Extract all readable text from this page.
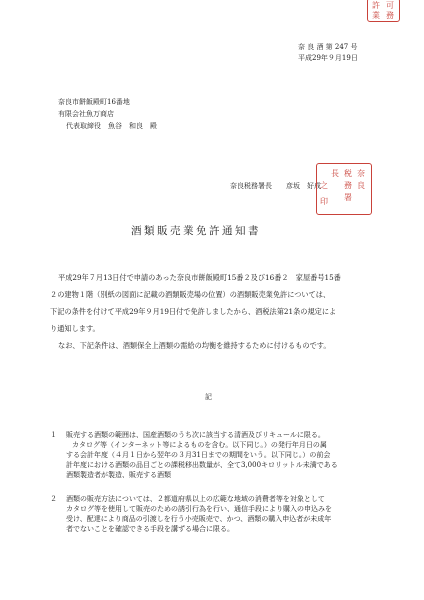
許 可
業 務
奈 良 酒 第 247 号
平成29年９月19日
奈良市餅飯殿町16番地
有限会社魚万商店
代表取締役　魚谷　和良　殿
奈良税務署長　　彦坂　好成
奈
良
税
務
署
長
之
印
酒類販売業免許通知書
平成29年７月13日付で申請のあった奈良市餅飯殿町15番２及び16番２　家屋番号15番
２の建物１階（別紙の図面に記載の酒類販売場の位置）の酒類販売業免許については、
下記の条件を付けて平成29年９月19日付で免許しましたから、酒税法第21条の規定によ
り通知します。
なお、下記条件は、酒類保全上酒類の需給の均衡を維持するために付けるものです。
記
１ 販売する酒類の範囲は、国産酒類のうち次に該当する清酒及びリキュールに限る。
カタログ等（インターネット等によるものを含む。以下同じ。）の発行年月日の属
する会計年度（４月１日から翌年の３月31日までの期間をいう。以下同じ。）の前会
計年度における酒類の品目ごとの課税移出数量が、全て3,000キロリットル未満である
酒類製造者が製造、販売する酒類
２ 酒類の販売方法については、２都道府県以上の広範な地域の消費者等を対象として
カタログ等を使用して販売のための誘引行為を行い、通信手段により購入の申込みを
受け、配達により商品の引渡しを行う小売販売で、かつ、酒類の購入申込者が未成年
者でないことを確認できる手段を講ずる場合に限る。
